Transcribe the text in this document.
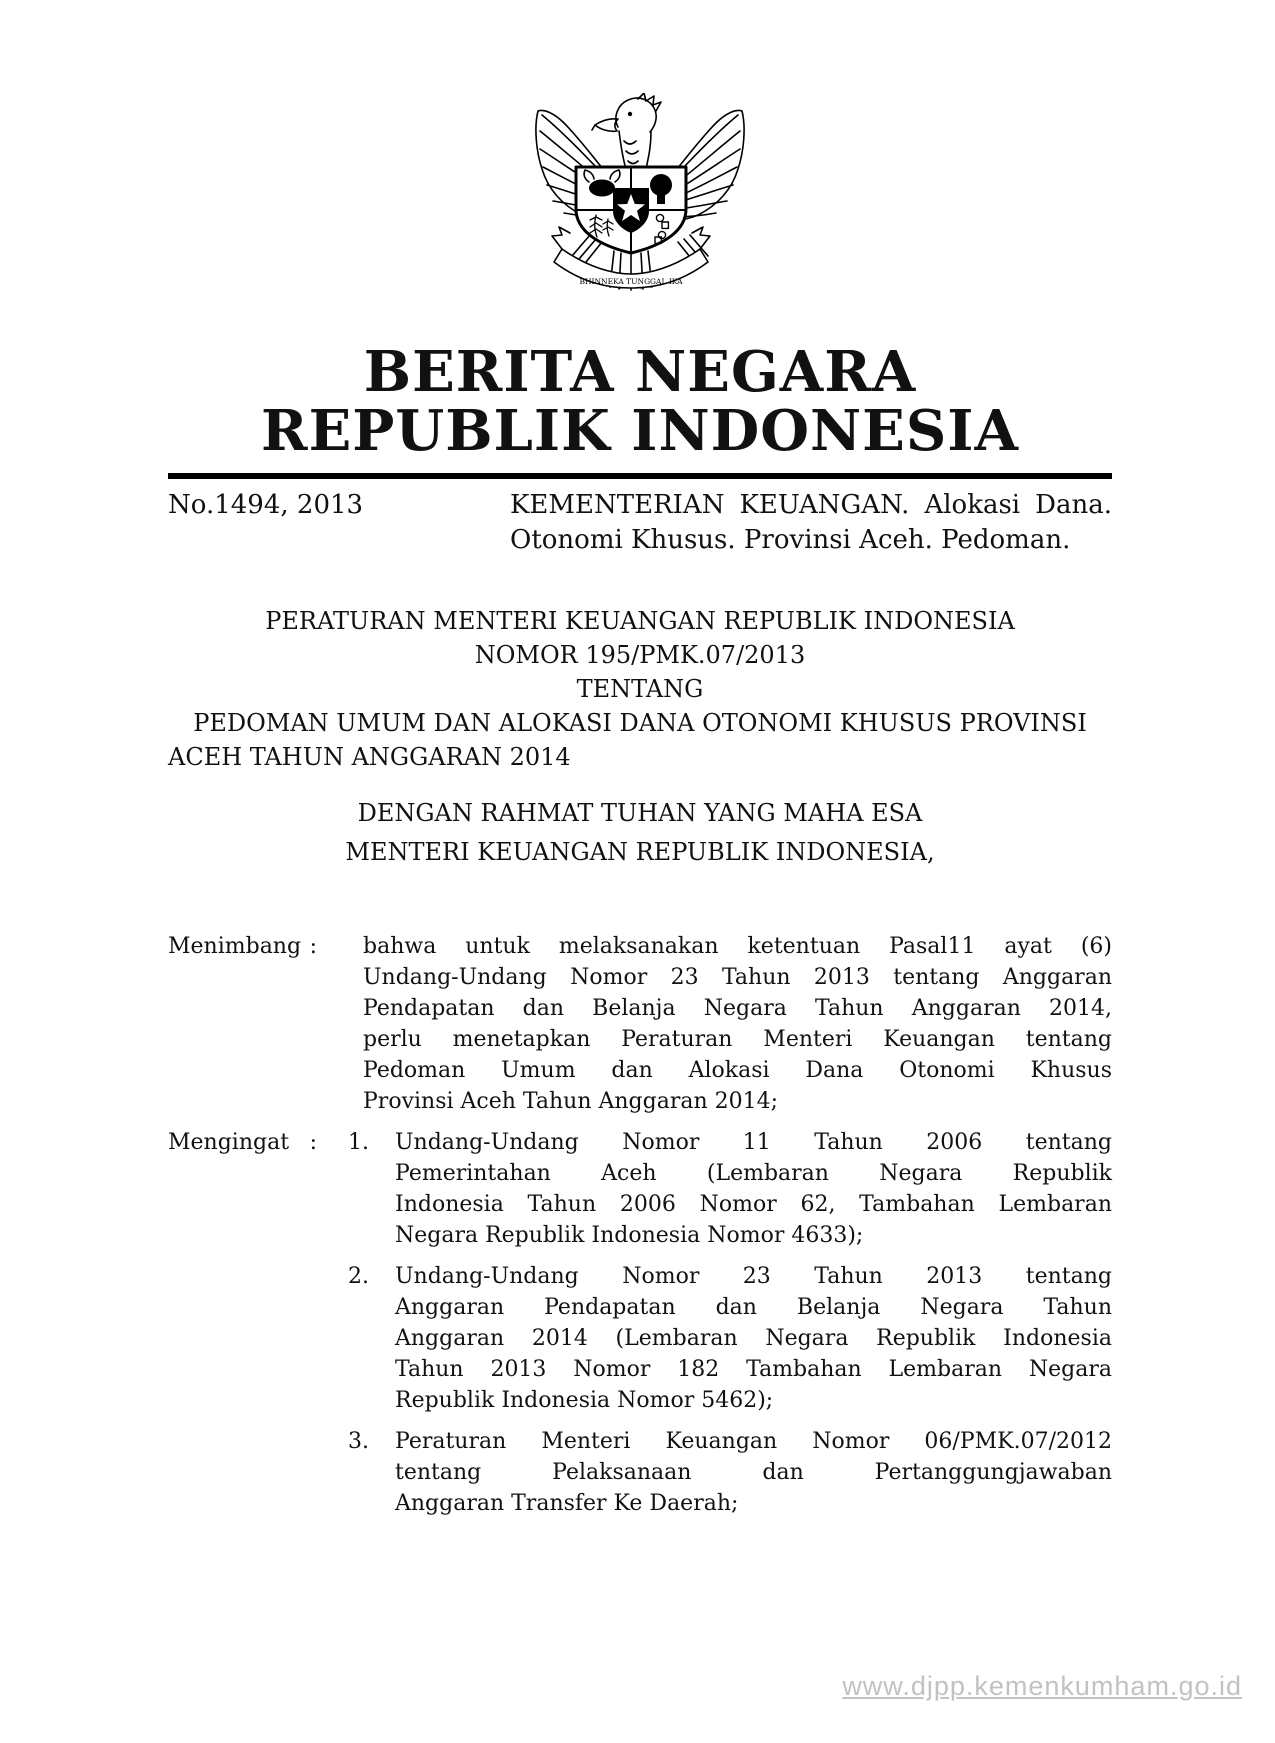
BHINNEKA TUNGGAL IKA
BERITA NEGARA
REPUBLIK INDONESIA
No.1494, 2013	KEMENTERIAN KEUANGAN. Alokasi Dana.
Otonomi Khusus. Provinsi Aceh. Pedoman.
PERATURAN MENTERI KEUANGAN REPUBLIK INDONESIA
NOMOR 195/PMK.07/2013
TENTANG
PEDOMAN UMUM DAN ALOKASI DANA OTONOMI KHUSUS PROVINSI
ACEH TAHUN ANGGARAN 2014
DENGAN RAHMAT TUHAN YANG MAHA ESA
MENTERI KEUANGAN REPUBLIK INDONESIA,
Menimbang : bahwa untuk melaksanakan ketentuan Pasal11 ayat (6)
Undang-Undang Nomor 23 Tahun 2013 tentang Anggaran
Pendapatan dan Belanja Negara Tahun Anggaran 2014,
perlu menetapkan Peraturan Menteri Keuangan tentang
Pedoman Umum dan Alokasi Dana Otonomi Khusus
Provinsi Aceh Tahun Anggaran 2014;
Mengingat : 1.	Undang-Undang Nomor 11 Tahun 2006 tentang
Pemerintahan Aceh (Lembaran Negara Republik
Indonesia Tahun 2006 Nomor 62, Tambahan Lembaran
Negara Republik Indonesia Nomor 4633);
2.	Undang-Undang Nomor 23 Tahun 2013 tentang
Anggaran Pendapatan dan Belanja Negara Tahun
Anggaran 2014 (Lembaran Negara Republik Indonesia
Tahun 2013 Nomor 182 Tambahan Lembaran Negara
Republik Indonesia Nomor 5462);
3.	Peraturan Menteri Keuangan Nomor 06/PMK.07/2012
tentang Pelaksanaan dan Pertanggungjawaban
Anggaran Transfer Ke Daerah;
www.djpp.kemenkumham.go.id
